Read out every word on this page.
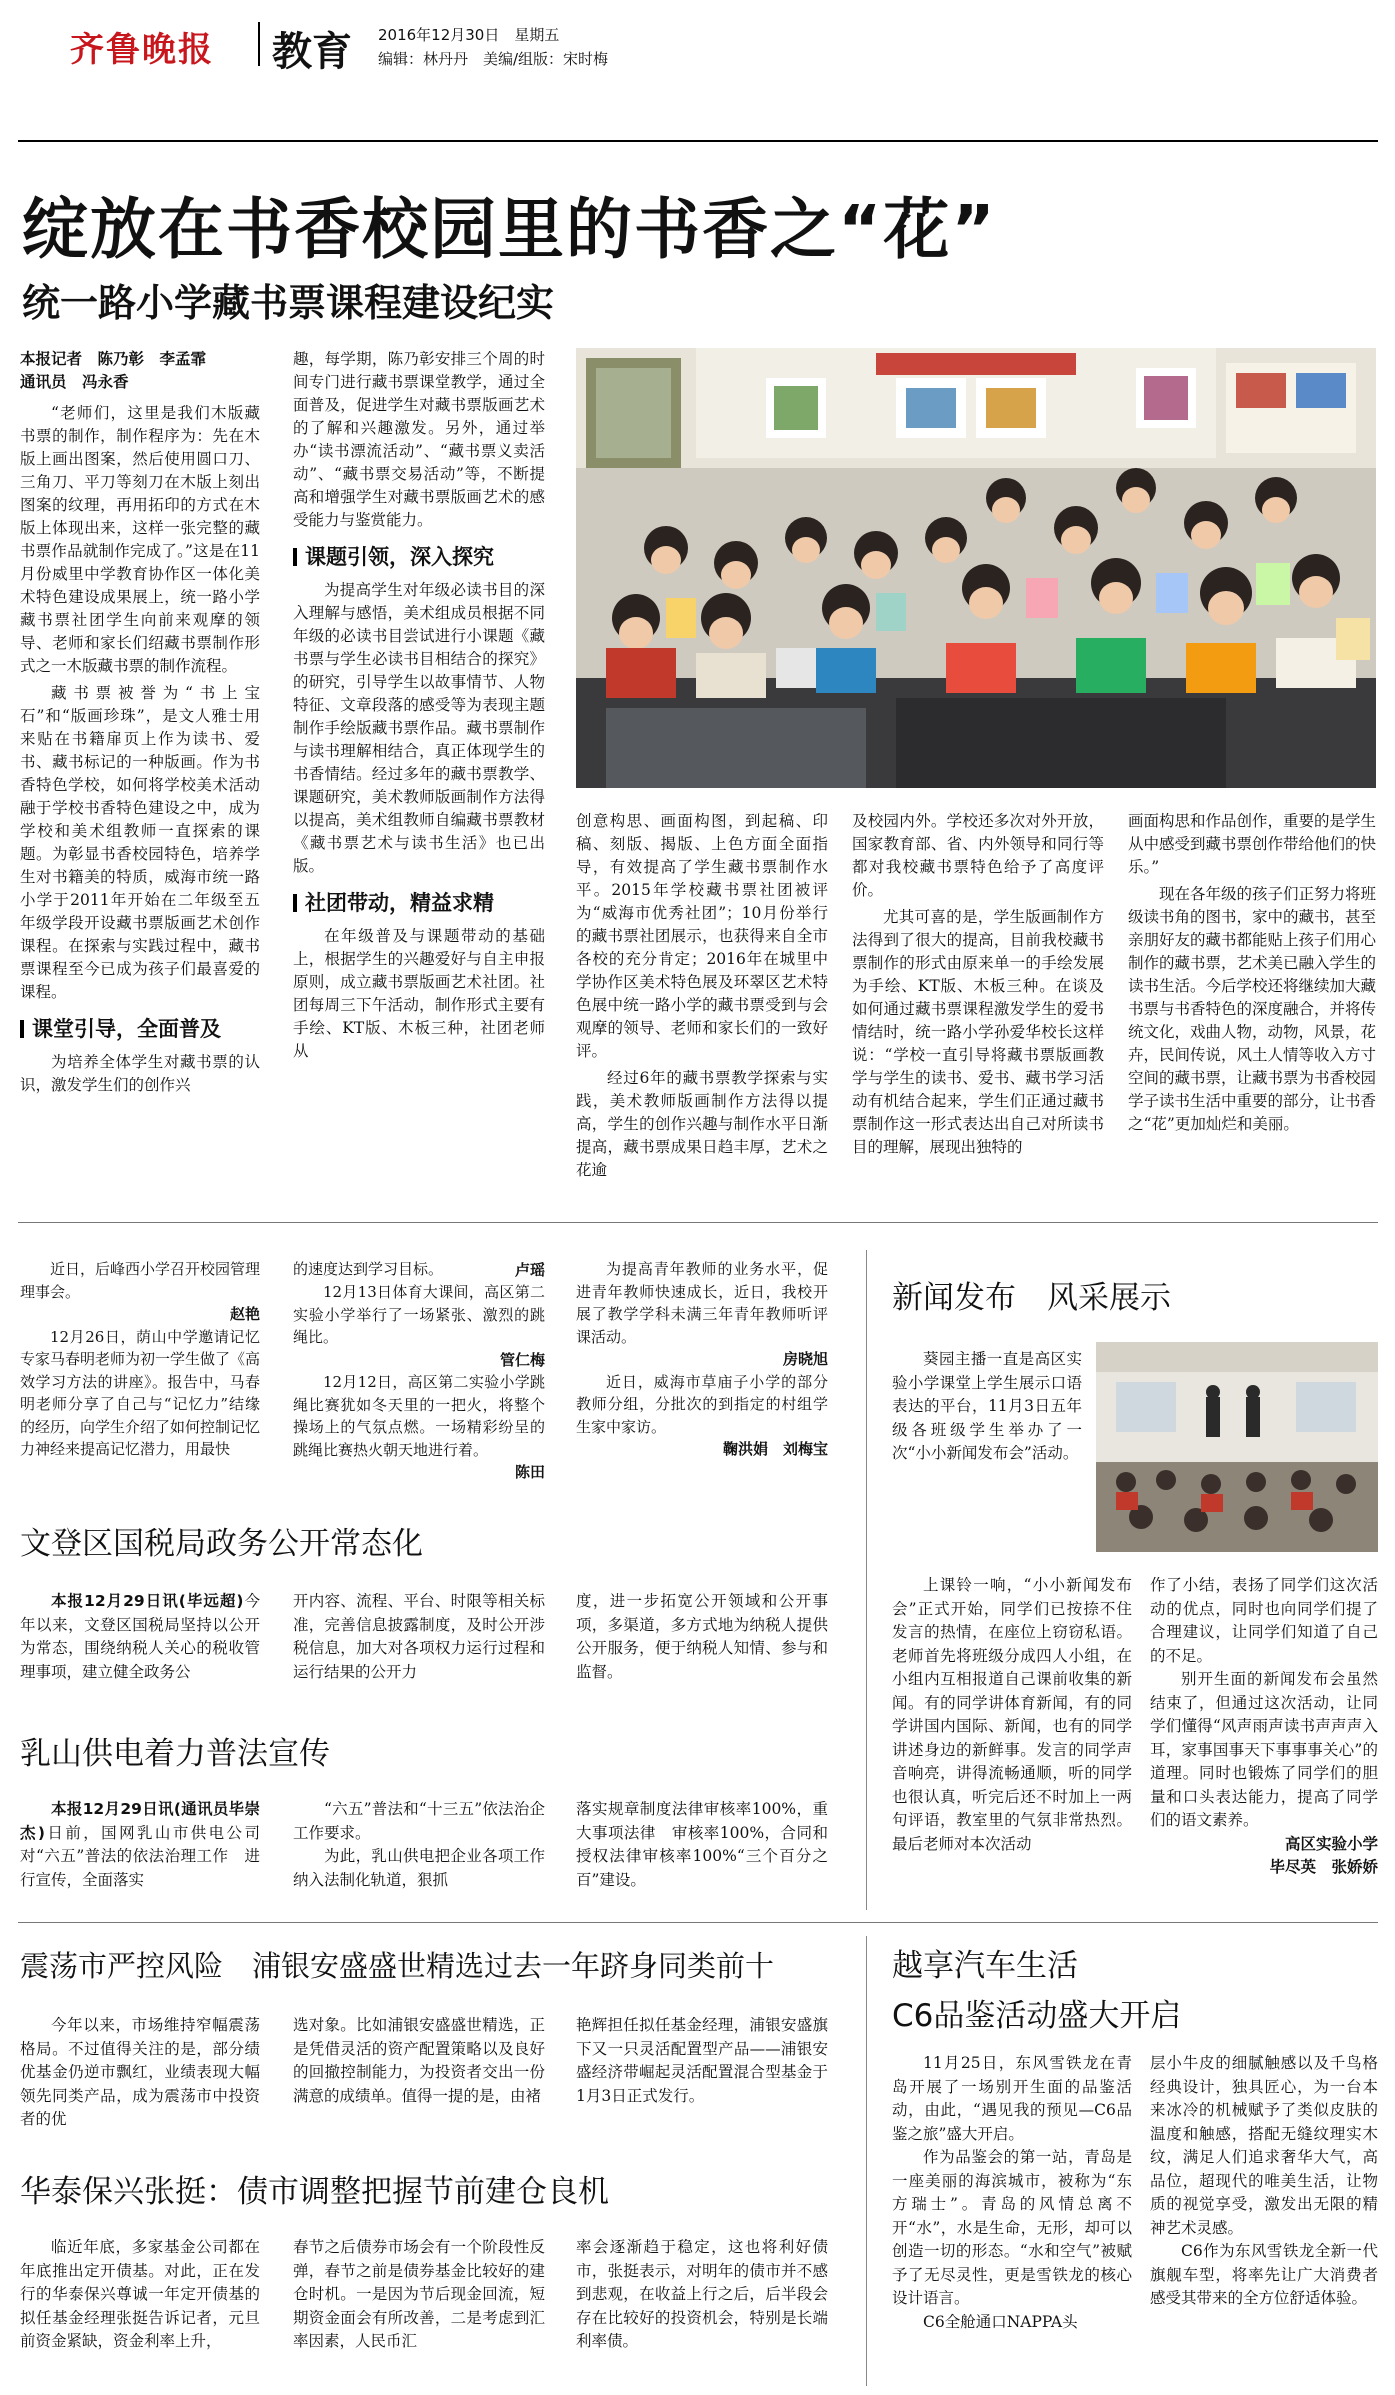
齐鲁晚报 教育 2016年12月30日　星期五
编辑：林丹丹　美编/组版：宋时梅
绽放在书香校园里的书香之“花”
统一路小学藏书票课程建设纪实
本报记者　陈乃彰　李孟霏
通讯员　冯永香

“老师们，这里是我们木版藏书票的制作，制作程序为：先在木版上画出图案，然后使用圆口刀、三角刀、平刀等刻刀在木版上刻出图案的纹理，再用拓印的方式在木版上体现出来，这样一张完整的藏书票作品就制作完成了。”这是在11月份威里中学教育协作区一体化美术特色建设成果展上，统一路小学藏书票社团学生向前来观摩的领导、老师和家长们绍藏书票制作形式之一木版藏书票的制作流程。

藏书票被誉为“书上宝石”和“版画珍珠”，是文人雅士用来贴在书籍扉页上作为读书、爱书、藏书标记的一种版画。作为书香特色学校，如何将学校美术活动融于学校书香特色建设之中，成为学校和美术组教师一直探索的课题。为彰显书香校园特色，培养学生对书籍美的特质，威海市统一路小学于2011年开始在二年级至五年级学段开设藏书票版画艺术创作课程。在探索与实践过程中，藏书票课程至今已成为孩子们最喜爱的课程。

课堂引导，全面普及

为培养全体学生对藏书票的认识，激发学生们的创作兴

趣，每学期，陈乃彰安排三个周的时间专门进行藏书票课堂教学，通过全面普及，促进学生对藏书票版画艺术的了解和兴趣激发。另外，通过举办“读书漂流活动”、“藏书票义卖活动”、“藏书票交易活动”等，不断提高和增强学生对藏书票版画艺术的感受能力与鉴赏能力。

课题引领，深入探究

为提高学生对年级必读书目的深入理解与感悟，美术组成员根据不同年级的必读书目尝试进行小课题《藏书票与学生必读书目相结合的探究》的研究，引导学生以故事情节、人物特征、文章段落的感受等为表现主题制作手绘版藏书票作品。藏书票制作与读书理解相结合，真正体现学生的书香情结。经过多年的藏书票教学、课题研究，美术教师版画制作方法得以提高，美术组教师自编藏书票教材《藏书票艺术与读书生活》也已出版。

社团带动，精益求精

在年级普及与课题带动的基础上，根据学生的兴趣爱好与自主申报原则，成立藏书票版画艺术社团。社团每周三下午活动，制作形式主要有手绘、KT版、木板三种，社团老师从

创意构思、画面构图，到起稿、印稿、刻版、揭版、上色方面全面指导，有效提高了学生藏书票制作水平。2015年学校藏书票社团被评为“威海市优秀社团”；10月份举行的藏书票社团展示，也获得来自全市各校的充分肯定；2016年在城里中学协作区美术特色展及环翠区艺术特色展中统一路小学的藏书票受到与会观摩的领导、老师和家长们的一致好评。

经过6年的藏书票教学探索与实践，美术教师版画制作方法得以提高，学生的创作兴趣与制作水平日渐提高，藏书票成果日趋丰厚，艺术之花逾

及校园内外。学校还多次对外开放，国家教育部、省、内外领导和同行等都对我校藏书票特色给予了高度评价。

尤其可喜的是，学生版画制作方法得到了很大的提高，目前我校藏书票制作的形式由原来单一的手绘发展为手绘、KT版、木板三种。在谈及如何通过藏书票课程激发学生的爱书情结时，统一路小学孙爱华校长这样说：“学校一直引导将藏书票版画教学与学生的读书、爱书、藏书学习活动有机结合起来，学生们正通过藏书票制作这一形式表达出自己对所读书目的理解，展现出独特的

画面构思和作品创作，重要的是学生从中感受到藏书票创作带给他们的快乐。”

现在各年级的孩子们正努力将班级读书角的图书，家中的藏书，甚至亲朋好友的藏书都能贴上孩子们用心制作的藏书票，艺术美已融入学生的读书生活。今后学校还将继续加大藏书票与书香特色的深度融合，并将传统文化，戏曲人物，动物，风景，花卉，民间传说，风土人情等收入方寸空间的藏书票，让藏书票为书香校园学子读书生活中重要的部分，让书香之“花”更加灿烂和美丽。

近日，后峰西小学召开校园管理理事会。

赵艳

12月26日，荫山中学邀请记忆专家马春明老师为初一学生做了《高效学习方法的讲座》。报告中，马春明老师分享了自己与“记忆力”结缘的经历，向学生介绍了如何控制记忆力神经来提高记忆潜力，用最快

的速度达到学习目标。	卢瑶

12月13日体育大课间，高区第二实验小学举行了一场紧张、激烈的跳绳比。

管仁梅

12月12日，高区第二实验小学跳绳比赛犹如冬天里的一把火，将整个操场上的气氛点燃。一场精彩纷呈的跳绳比赛热火朝天地进行着。

陈田

为提高青年教师的业务水平，促进青年教师快速成长，近日，我校开展了教学学科未满三年青年教师听评课活动。

房晓旭

近日，威海市草庙子小学的部分教师分组，分批次的到指定的村组学生家中家访。

鞠洪娟　刘梅宝
新闻发布　风采展示

葵园主播一直是高区实验小学课堂上学生展示口语表达的平台，11月3日五年级各班级学生举办了一次“小小新闻发布会”活动。

上课铃一响，“小小新闻发布会”正式开始，同学们已按捺不住发言的热情，在座位上窃窃私语。老师首先将班级分成四人小组，在小组内互相报道自己课前收集的新闻。有的同学讲体育新闻，有的同学讲国内国际、新闻，也有的同学讲述身边的新鲜事。发言的同学声音响亮，讲得流畅通顺，听的同学也很认真，听完后还不时加上一两句评语，教室里的气氛非常热烈。最后老师对本次活动

作了小结，表扬了同学们这次活动的优点，同时也向同学们提了合理建议，让同学们知道了自己的不足。

别开生面的新闻发布会虽然结束了，但通过这次活动，让同学们懂得“风声雨声读书声声声入耳，家事国事天下事事事关心”的道理。同时也锻炼了同学们的胆量和口头表达能力，提高了同学们的语文素养。

高区实验小学
毕尽英　张娇娇
文登区国税局政务公开常态化

本报12月29日讯(毕远超)今年以来，文登区国税局坚持以公开为常态，围绕纳税人关心的税收管理事项，建立健全政务公

开内容、流程、平台、时限等相关标准，完善信息披露制度，及时公开涉税信息，加大对各项权力运行过程和运行结果的公开力

度，进一步拓宽公开领域和公开事项，多渠道，多方式地为纳税人提供公开服务，便于纳税人知情、参与和监督。

乳山供电着力普法宣传

本报12月29日讯(通讯员毕崇杰)日前，国网乳山市供电公司对“六五”普法的依法治理工作　进行宣传，全面落实

“六五”普法和“十三五”依法治企工作要求。

为此，乳山供电把企业各项工作纳入法制化轨道，狠抓

落实规章制度法律审核率100%，重大事项法律　审核率100%，合同和授权法律审核率100%“三个百分之百”建设。

震荡市严控风险　浦银安盛盛世精选过去一年跻身同类前十

今年以来，市场维持窄幅震荡格局。不过值得关注的是，部分绩优基金仍逆市飘红，业绩表现大幅领先同类产品，成为震荡市中投资者的优

选对象。比如浦银安盛盛世精选，正是凭借灵活的资产配置策略以及良好的回撤控制能力，为投资者交出一份满意的成绩单。值得一提的是，由褚

艳辉担任拟任基金经理，浦银安盛旗下又一只灵活配置型产品——浦银安盛经济带崛起灵活配置混合型基金于1月3日正式发行。

华泰保兴张挺：债市调整把握节前建仓良机

临近年底，多家基金公司都在年底推出定开债基。对此，正在发行的华泰保兴尊诚一年定开债基的拟任基金经理张挺告诉记者，元旦前资金紧缺，资金利率上升，

春节之后债券市场会有一个阶段性反弹，春节之前是债券基金比较好的建仓时机。一是因为节后现金回流，短期资金面会有所改善，二是考虑到汇率因素，人民币汇

率会逐渐趋于稳定，这也将利好债市，张挺表示，对明年的债市并不感到悲观，在收益上行之后，后半段会存在比较好的投资机会，特别是长端利率债。

越享汽车生活
C6品鉴活动盛大开启

11月25日，东风雪铁龙在青岛开展了一场别开生面的品鉴活动，由此，“遇见我的预见—C6品鉴之旅”盛大开启。

作为品鉴会的第一站，青岛是一座美丽的海滨城市，被称为“东方瑞士”。青岛的风情总离不开“水”，水是生命，无形，却可以创造一切的形态。“水和空气”被赋予了无尽灵性，更是雪铁龙的核心设计语言。

C6全舱通口NAPPA头

层小牛皮的细腻触感以及千鸟格经典设计，独具匠心，为一台本来冰冷的机械赋予了类似皮肤的温度和触感，搭配无缝纹理实木纹，满足人们追求奢华大气，高品位，超现代的唯美生活，让物质的视觉享受，激发出无限的精神艺术灵感。

C6作为东风雪铁龙全新一代旗舰车型，将率先让广大消费者感受其带来的全方位舒适体验。
